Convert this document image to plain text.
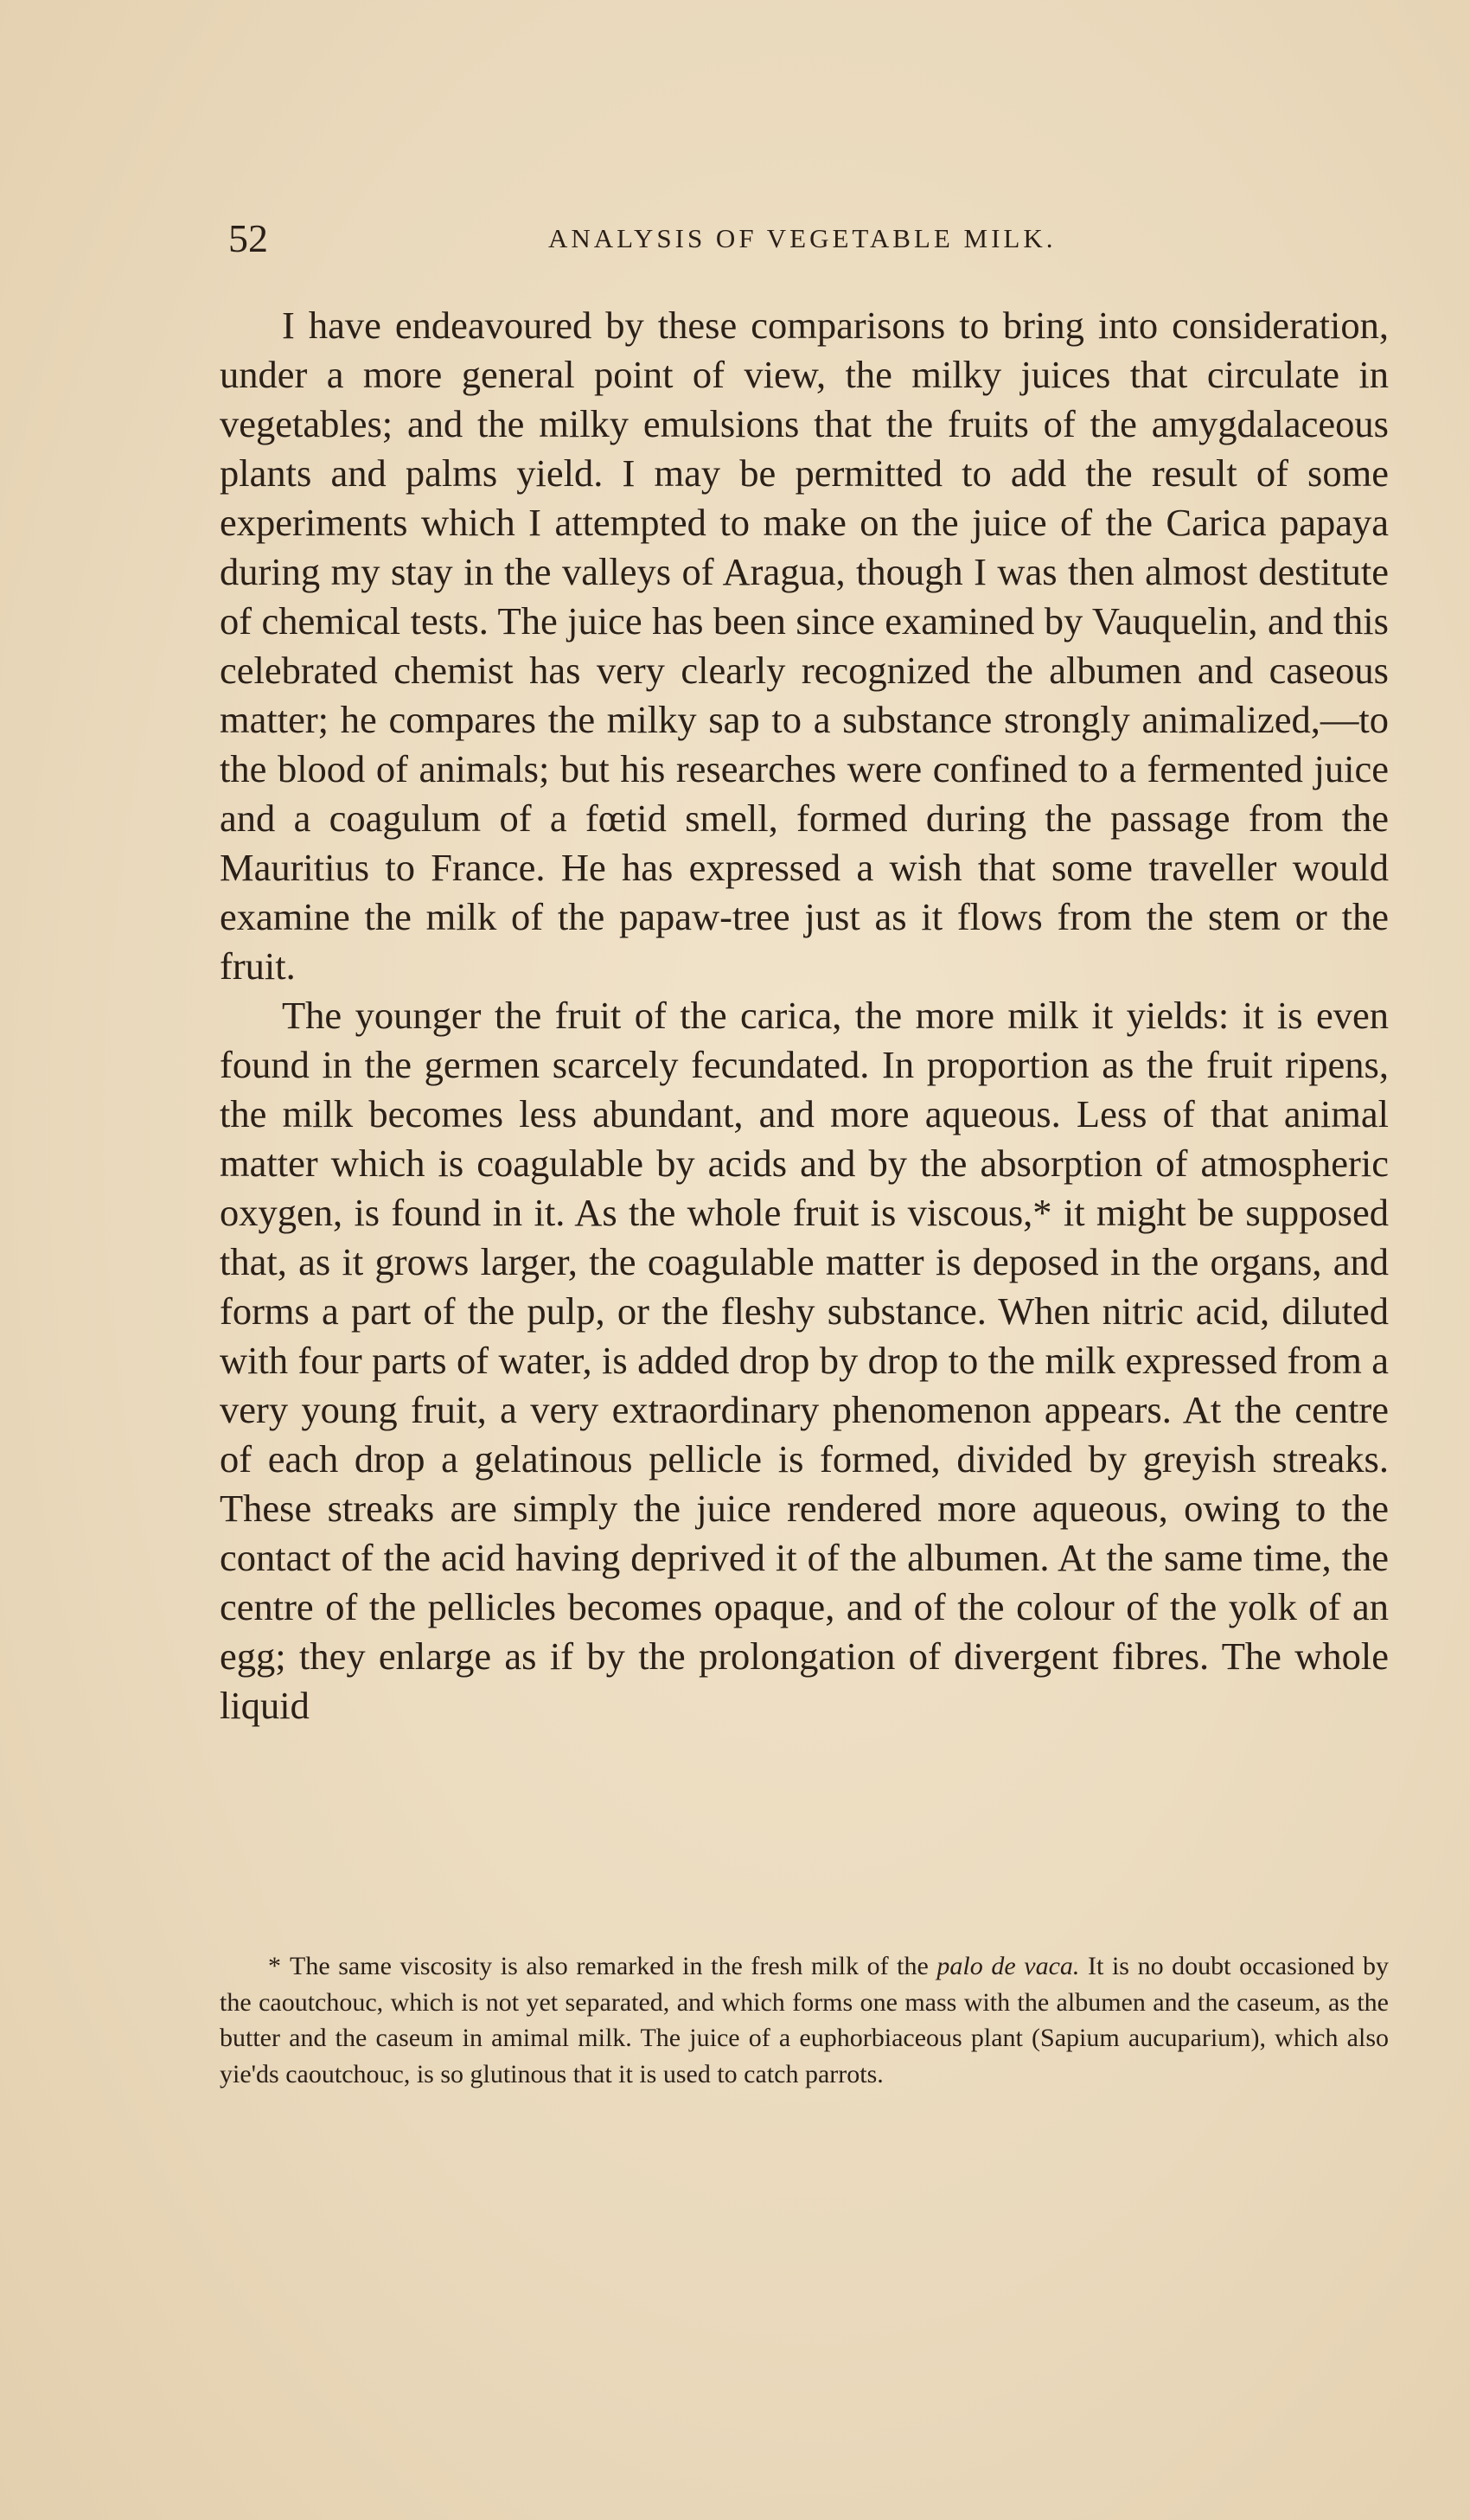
52	ANALYSIS OF VEGETABLE MILK.

I have endeavoured by these comparisons to bring into consideration, under a more general point of view, the milky juices that circulate in vegetables; and the milky emulsions that the fruits of the amygdalaceous plants and palms yield. I may be permitted to add the result of some experiments which I attempted to make on the juice of the Carica papaya during my stay in the valleys of Aragua, though I was then almost destitute of chemical tests. The juice has been since examined by Vauquelin, and this celebrated chemist has very clearly recognized the albumen and caseous matter; he compares the milky sap to a substance strongly animalized,—to the blood of animals; but his researches were confined to a fermented juice and a coagulum of a fœtid smell, formed during the passage from the Mauritius to France. He has expressed a wish that some traveller would examine the milk of the papaw-tree just as it flows from the stem or the fruit.

The younger the fruit of the carica, the more milk it yields: it is even found in the germen scarcely fecundated. In proportion as the fruit ripens, the milk becomes less abundant, and more aqueous. Less of that animal matter which is coagulable by acids and by the absorption of atmospheric oxygen, is found in it. As the whole fruit is viscous,* it might be supposed that, as it grows larger, the coagulable matter is deposed in the organs, and forms a part of the pulp, or the fleshy substance. When nitric acid, diluted with four parts of water, is added drop by drop to the milk expressed from a very young fruit, a very extraordinary phenomenon appears. At the centre of each drop a gelatinous pellicle is formed, divided by greyish streaks. These streaks are simply the juice rendered more aqueous, owing to the contact of the acid having deprived it of the albumen. At the same time, the centre of the pellicles becomes opaque, and of the colour of the yolk of an egg; they enlarge as if by the prolongation of divergent fibres. The whole liquid

* The same viscosity is also remarked in the fresh milk of the palo de vaca. It is no doubt occasioned by the caoutchouc, which is not yet separated, and which forms one mass with the albumen and the caseum, as the butter and the caseum in amimal milk. The juice of a euphorbiaceous plant (Sapium aucuparium), which also yie'ds caoutchouc, is so glutinous that it is used to catch parrots.
